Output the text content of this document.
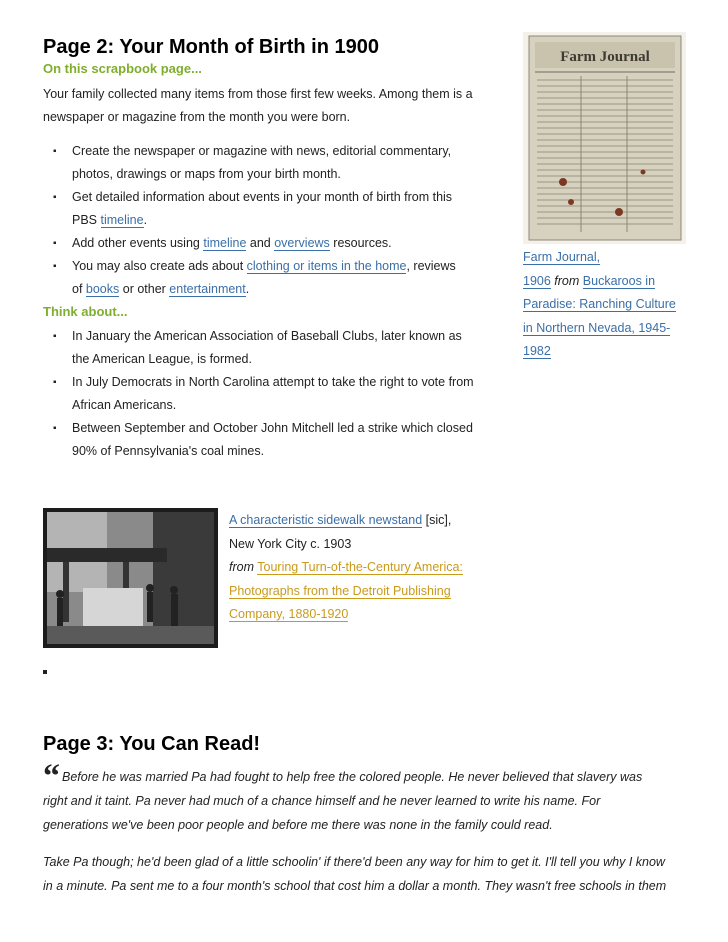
Page 2: Your Month of Birth in 1900
On this scrapbook page...
Your family collected many items from those first few weeks. Among them is a
newspaper or magazine from the month you were born.
▪ Create the newspaper or magazine with news, editorial commentary,
photos, drawings or maps from your birth month.
▪ Get detailed information about events in your month of birth from this
PBS timeline.
▪ Add other events using timeline and overviews resources.
▪ You may also create ads about clothing or items in the home, reviews
of books or other entertainment.
Think about...
▪ In January the American Association of Baseball Clubs, later known as
the American League, is formed.
▪ In July Democrats in North Carolina attempt to take the right to vote from
African Americans.
▪ Between September and October John Mitchell led a strike which closed
90% of Pennsylvania's coal mines.
Farm Journal
Farm Journal,
1906 from Buckaroos in
Paradise: Ranching Culture
in Northern Nevada, 1945-
1982
A characteristic sidewalk newstand [sic],
New York City c. 1903
from Touring Turn-of-the-Century America:
Photographs from the Detroit Publishing
Company, 1880-1920
Page 3: You Can Read!
“ Before he was married Pa had fought to help free the colored people. He never believed that slavery was
right and it taint. Pa never had much of a chance himself and he never learned to write his name. For
generations we've been poor people and before me there was none in the family could read.
Take Pa though; he'd been glad of a little schoolin' if there'd been any way for him to get it. I'll tell you why I know
in a minute. Pa sent me to a four month's school that cost him a dollar a month. They wasn't free schools in them
